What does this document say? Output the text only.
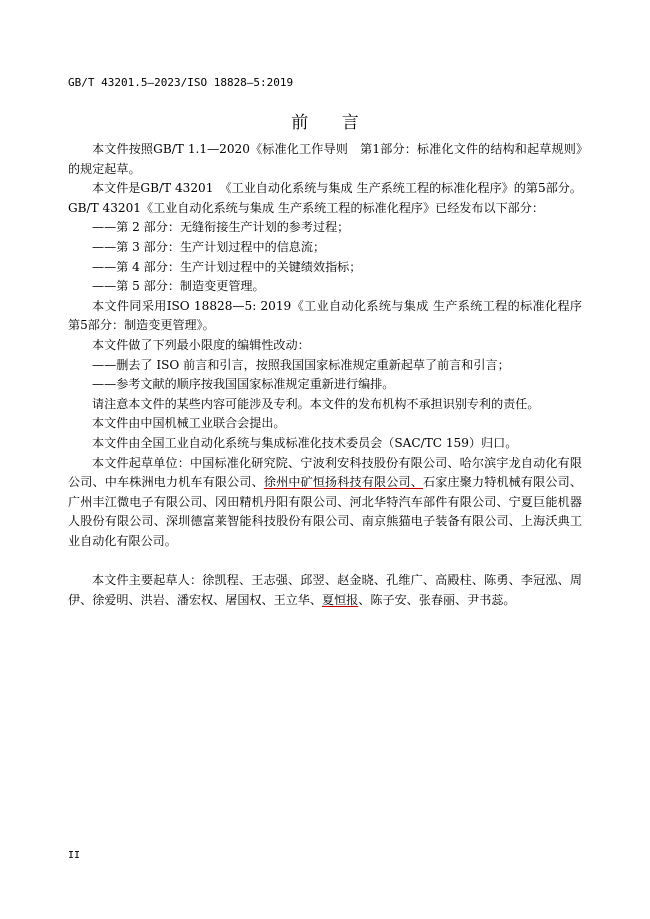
GB/T 43201.5—2023/ISO 18828—5:2019
前 言

本文件按照GB/T 1.1—2020《标准化工作导则　第1部分：标准化文件的结构和起草规则》的规定起草。

本文件是GB/T 43201　《工业自动化系统与集成 生产系统工程的标准化程序》的第5部分。GB/T 43201《工业自动化系统与集成 生产系统工程的标准化程序》已经发布以下部分：

——第 2 部分：无缝衔接生产计划的参考过程；

——第 3 部分：生产计划过程中的信息流；

——第 4 部分：生产计划过程中的关键绩效指标；

——第 5 部分：制造变更管理。

本文件同采用ISO 18828—5: 2019《工业自动化系统与集成 生产系统工程的标准化程序　第5部分：制造变更管理》。

本文件做了下列最小限度的编辑性改动：

——删去了 ISO 前言和引言，按照我国国家标准规定重新起草了前言和引言；

——参考文献的顺序按我国国家标准规定重新进行编排。

请注意本文件的某些内容可能涉及专利。本文件的发布机构不承担识别专利的责任。

本文件由中国机械工业联合会提出。

本文件由全国工业自动化系统与集成标准化技术委员会（SAC/TC 159）归口。

本文件起草单位：中国标准化研究院、宁波利安科技股份有限公司、哈尔滨宇龙自动化有限公司、中车株洲电力机车有限公司、徐州中矿恒扬科技有限公司、石家庄聚力特机械有限公司、广州丰江微电子有限公司、冈田精机丹阳有限公司、河北华特汽车部件有限公司、宁夏巨能机器人股份有限公司、深圳德富莱智能科技股份有限公司、南京熊猫电子装备有限公司、上海沃典工业自动化有限公司。

本文件主要起草人：徐凯程、王志强、邱翌、赵金晓、孔维广、高殿柱、陈勇、李冠泓、周伊、徐爱明、洪岩、潘宏权、屠国权、王立华、夏恒报、陈子安、张春丽、尹书蕊。

II
